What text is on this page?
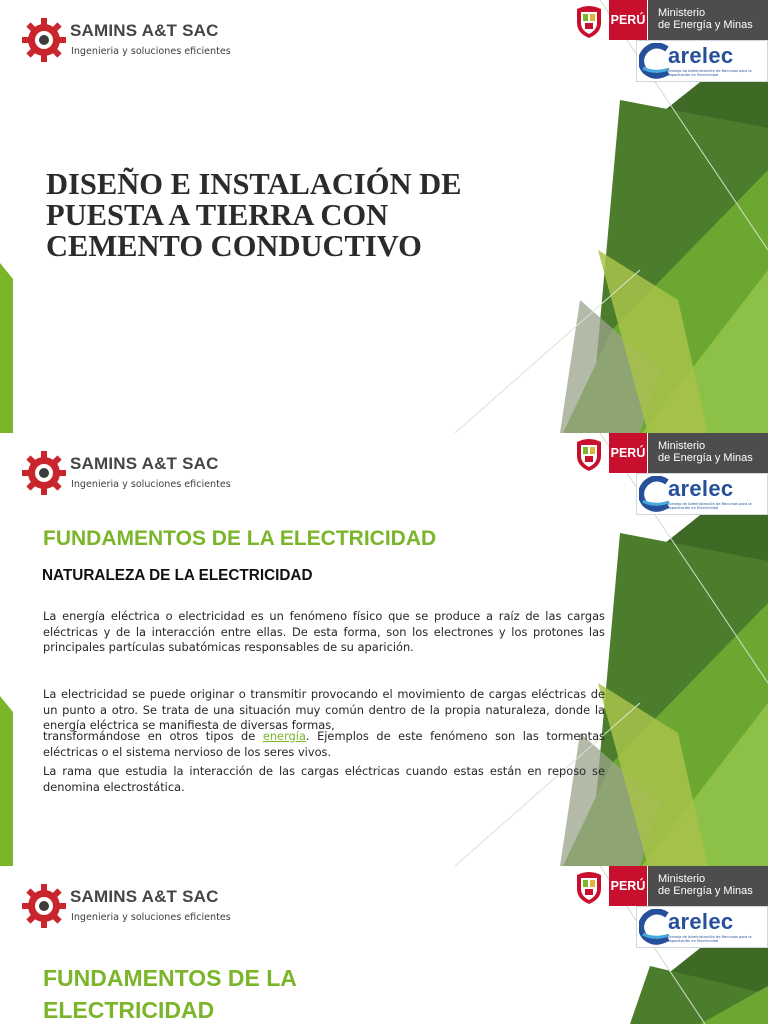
SAMINS A&T SAC
Ingenieria y soluciones eficientes
PERÚ Ministerio
de Energía y Minas
arelec
Consejo de Administración de Recursos para la Capacitación en Electricidad
DISEÑO E INSTALACIÓN DE PUESTA A TIERRA CON CEMENTO CONDUCTIVO
SAMINS A&T SAC
Ingenieria y soluciones eficientes
PERÚ Ministerio
de Energía y Minas
arelec
Consejo de Administración de Recursos para la Capacitación en Electricidad
FUNDAMENTOS DE LA ELECTRICIDAD
NATURALEZA DE LA ELECTRICIDAD

La energía eléctrica o electricidad es un fenómeno físico que se produce a raíz de las cargas eléctricas y de la interacción entre ellas. De esta forma, son los electrones y los protones las principales partículas subatómicas responsables de su aparición.

La electricidad se puede originar o transmitir provocando el movimiento de cargas eléctricas de un punto a otro. Se trata de una situación muy común dentro de la propia naturaleza, donde la energía eléctrica se manifiesta de diversas formas,

transformándose en otros tipos de energía. Ejemplos de este fenómeno son las tormentas eléctricas o el sistema nervioso de los seres vivos.

La rama que estudia la interacción de las cargas eléctricas cuando estas están en reposo se denomina electrostática.

SAMINS A&T SAC
Ingenieria y soluciones eficientes
PERÚ Ministerio
de Energía y Minas
arelec
Consejo de Administración de Recursos para la Capacitación en Electricidad
FUNDAMENTOS DE LA ELECTRICIDAD
